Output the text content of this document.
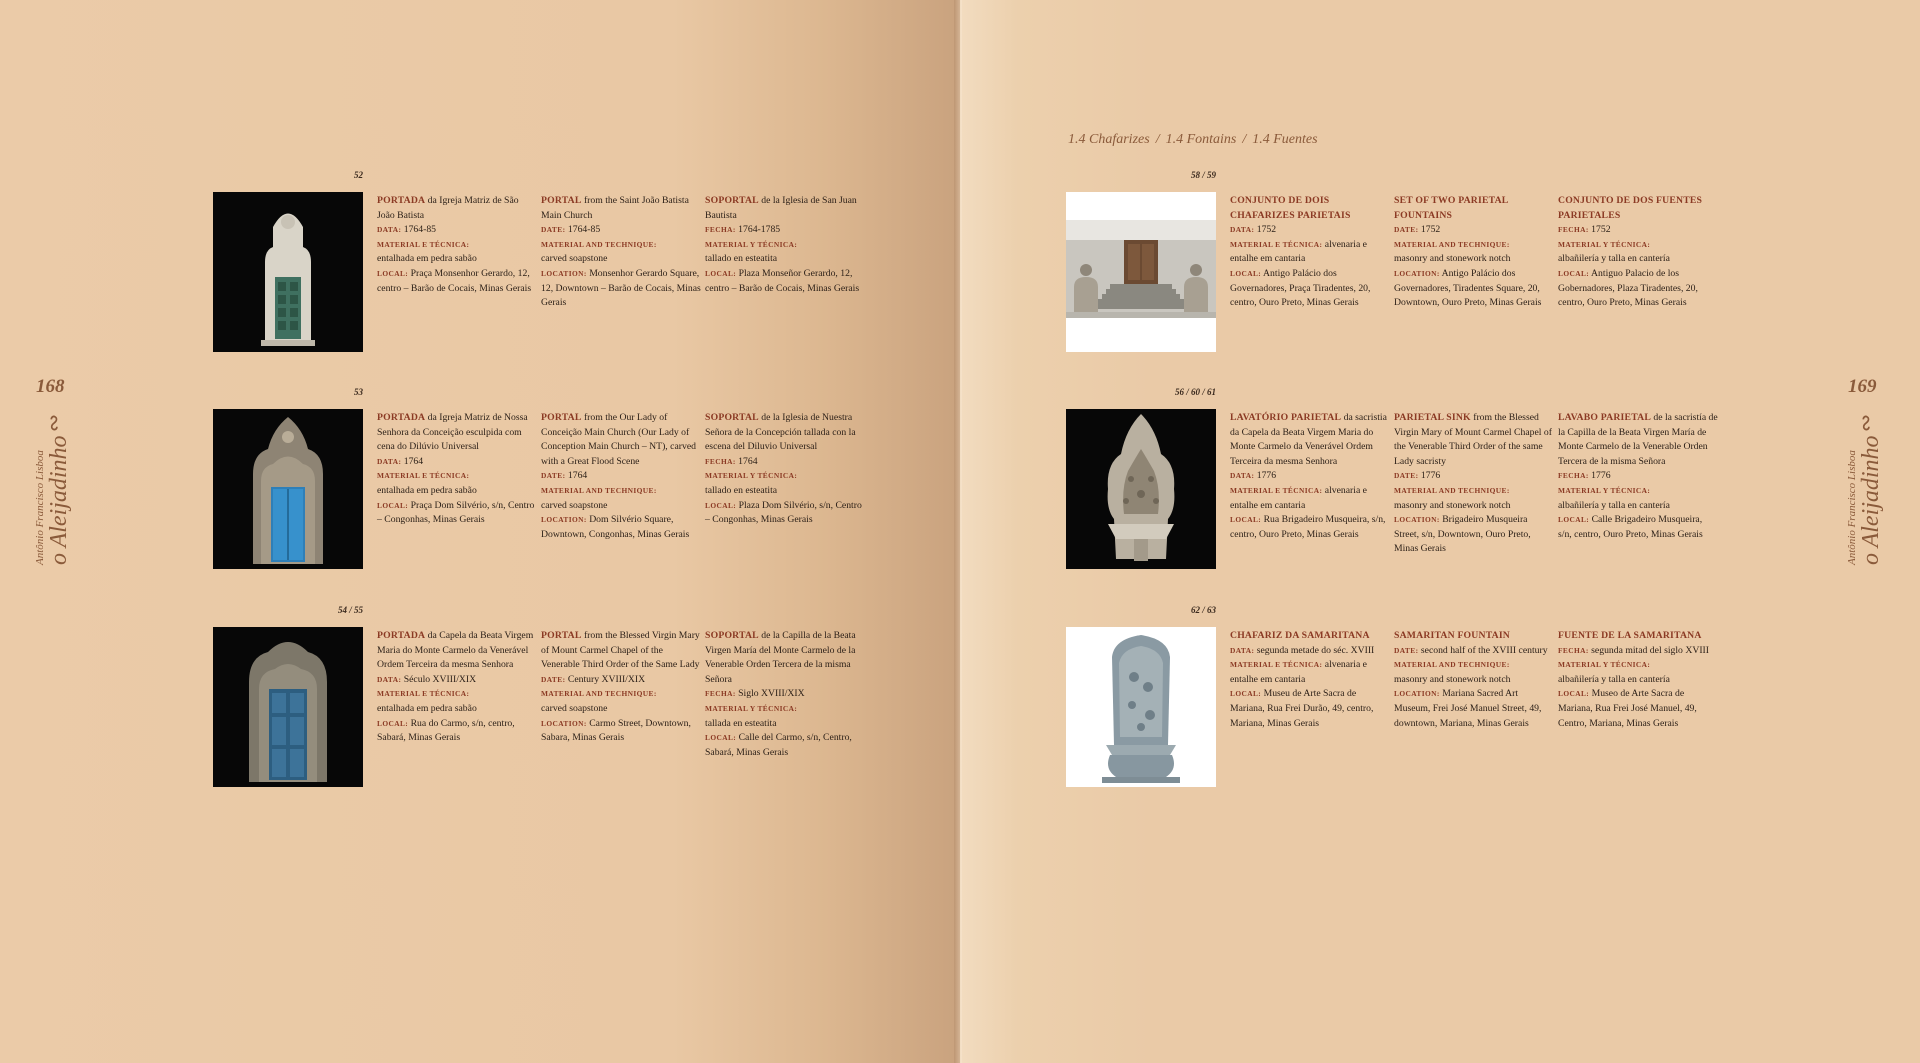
168	169
∾
Antônio Francisco Lisboa o Aleijadinho
∾
Antônio Francisco Lisboa o Aleijadinho
1.4 Chafarizes / 1.4 Fontains / 1.4 Fuentes
52

PORTADA da Igreja Matriz de São João Batista

DATA: 1764-85

MATERIAL E TÉCNICA:

entalhada em pedra sabão

LOCAL: Praça Monsenhor Gerardo, 12, centro – Barão de Cocais, Minas Gerais

PORTAL from the Saint João Batista Main Church

DATE: 1764-85

MATERIAL AND TECHNIQUE:

carved soapstone

LOCATION: Monsenhor Gerardo Square, 12, Downtown – Barão de Cocais, Minas Gerais

SOPORTAL de la Iglesia de San Juan Bautista

FECHA: 1764-1785

MATERIAL Y TÉCNICA:

tallado en esteatita

LOCAL: Plaza Monseñor Gerardo, 12, centro – Barão de Cocais, Minas Gerais

53

PORTADA da Igreja Matriz de Nossa Senhora da Conceição esculpida com cena do Dilúvio Universal

DATA: 1764

MATERIAL E TÉCNICA:

entalhada em pedra sabão

LOCAL: Praça Dom Silvério, s/n, Centro – Congonhas, Minas Gerais

PORTAL from the Our Lady of Conceição Main Church (Our Lady of Conception Main Church – NT), carved with a Great Flood Scene

DATE: 1764

MATERIAL AND TECHNIQUE:

carved soapstone

LOCATION: Dom Silvério Square, Downtown, Congonhas, Minas Gerais

SOPORTAL de la Iglesia de Nuestra Señora de la Concepción tallada con la escena del Diluvio Universal

FECHA: 1764

MATERIAL Y TÉCNICA:

tallado en esteatita

LOCAL: Plaza Dom Silvério, s/n, Centro – Congonhas, Minas Gerais

54 / 55

PORTADA da Capela da Beata Virgem Maria do Monte Carmelo da Venerável Ordem Terceira da mesma Senhora

DATA: Século XVIII/XIX

MATERIAL E TÉCNICA:

entalhada em pedra sabão

LOCAL: Rua do Carmo, s/n, centro, Sabará, Minas Gerais

PORTAL from the Blessed Virgin Mary of Mount Carmel Chapel of the Venerable Third Order of the Same Lady

DATE: Century XVIII/XIX

MATERIAL AND TECHNIQUE:

carved soapstone

LOCATION: Carmo Street, Downtown, Sabara, Minas Gerais

SOPORTAL de la Capilla de la Beata Virgen María del Monte Carmelo de la Venerable Orden Tercera de la misma Señora

FECHA: Siglo XVIII/XIX

MATERIAL Y TÉCNICA:

tallada en esteatita

LOCAL: Calle del Carmo, s/n, Centro, Sabará, Minas Gerais

58 / 59

CONJUNTO DE DOIS CHAFARIZES PARIETAIS

DATA: 1752

MATERIAL E TÉCNICA: alvenaria e entalhe em cantaria

LOCAL: Antigo Palácio dos Governadores, Praça Tiradentes, 20, centro, Ouro Preto, Minas Gerais

SET OF TWO PARIETAL FOUNTAINS

DATE: 1752

MATERIAL AND TECHNIQUE:

masonry and stonework notch

LOCATION: Antigo Palácio dos Governadores, Tiradentes Square, 20, Downtown, Ouro Preto, Minas Gerais

CONJUNTO DE DOS FUENTES PARIETALES

FECHA: 1752

MATERIAL Y TÉCNICA:

albañilería y talla en cantería

LOCAL: Antiguo Palacio de los Gobernadores, Plaza Tiradentes, 20, centro, Ouro Preto, Minas Gerais

56 / 60 / 61

LAVATÓRIO PARIETAL da sacristia da Capela da Beata Virgem Maria do Monte Carmelo da Venerável Ordem Terceira da mesma Senhora

DATA: 1776

MATERIAL E TÉCNICA: alvenaria e entalhe em cantaria

LOCAL: Rua Brigadeiro Musqueira, s/n, centro, Ouro Preto, Minas Gerais

PARIETAL SINK from the Blessed Virgin Mary of Mount Carmel Chapel of the Venerable Third Order of the same Lady sacristy

DATE: 1776

MATERIAL AND TECHNIQUE:

masonry and stonework notch

LOCATION: Brigadeiro Musqueira Street, s/n, Downtown, Ouro Preto, Minas Gerais

LAVABO PARIETAL de la sacristía de la Capilla de la Beata Virgen María de Monte Carmelo de la Venerable Orden Tercera de la misma Señora

FECHA: 1776

MATERIAL Y TÉCNICA:

albañilería y talla en cantería

LOCAL: Calle Brigadeiro Musqueira, s/n, centro, Ouro Preto, Minas Gerais

62 / 63

CHAFARIZ DA SAMARITANA

DATA: segunda metade do séc. XVIII

MATERIAL E TÉCNICA: alvenaria e entalhe em cantaria

LOCAL: Museu de Arte Sacra de Mariana, Rua Frei Durão, 49, centro, Mariana, Minas Gerais

SAMARITAN FOUNTAIN

DATE: second half of the XVIII century

MATERIAL AND TECHNIQUE:

masonry and stonework notch

LOCATION: Mariana Sacred Art Museum, Frei José Manuel Street, 49, downtown, Mariana, Minas Gerais

FUENTE DE LA SAMARITANA

FECHA: segunda mitad del siglo XVIII

MATERIAL Y TÉCNICA:

albañilería y talla en cantería

LOCAL: Museo de Arte Sacra de Mariana, Rua Frei José Manuel, 49, Centro, Mariana, Minas Gerais
